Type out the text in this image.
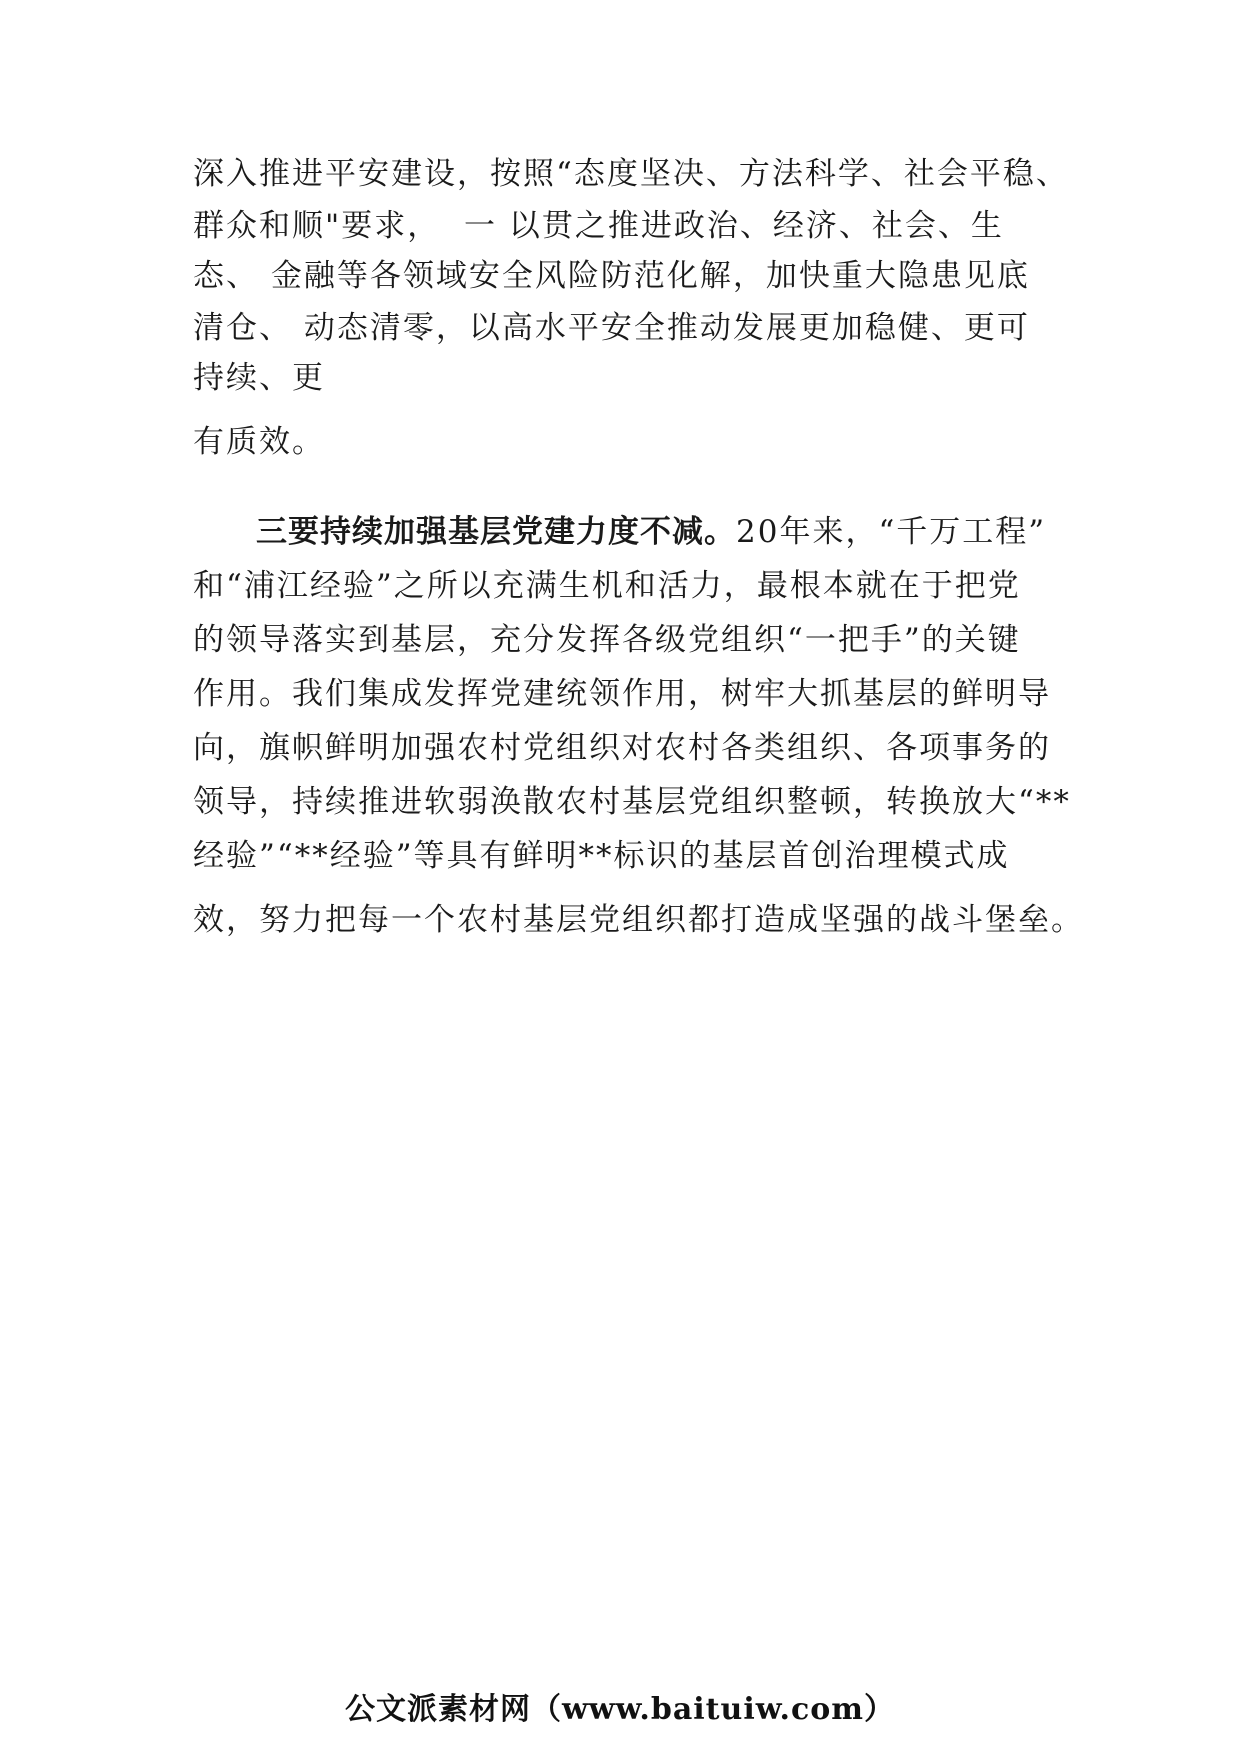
深入推进平安建设，按照“态度坚决、方法科学、社会平稳、
群众和顺"要求，  一 以贯之推进政治、经济、社会、生
态、 金融等各领域安全风险防范化解，加快重大隐患见底
清仓、 动态清零，以高水平安全推动发展更加稳健、更可
持续、更
有质效。
三要持续加强基层党建力度不减。20年来，“千万工程”
和“浦江经验”之所以充满生机和活力，最根本就在于把党
的领导落实到基层，充分发挥各级党组织“一把手”的关键
作用。我们集成发挥党建统领作用，树牢大抓基层的鲜明导
向，旗帜鲜明加强农村党组织对农村各类组织、各项事务的
领导，持续推进软弱涣散农村基层党组织整顿，转换放大“**
经验”“**经验”等具有鲜明**标识的基层首创治理模式成
效，努力把每一个农村基层党组织都打造成坚强的战斗堡垒。
公文派素材网（www.baituiw.com）
